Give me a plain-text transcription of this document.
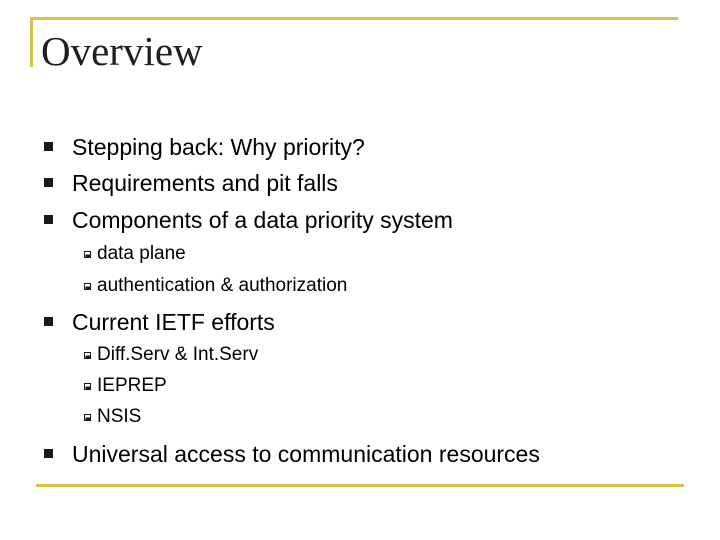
Overview
Stepping back: Why priority?
Requirements and pit falls
Components of a data priority system
data plane
authentication & authorization
Current IETF efforts
Diff.Serv & Int.Serv
IEPREP
NSIS
Universal access to communication resources
